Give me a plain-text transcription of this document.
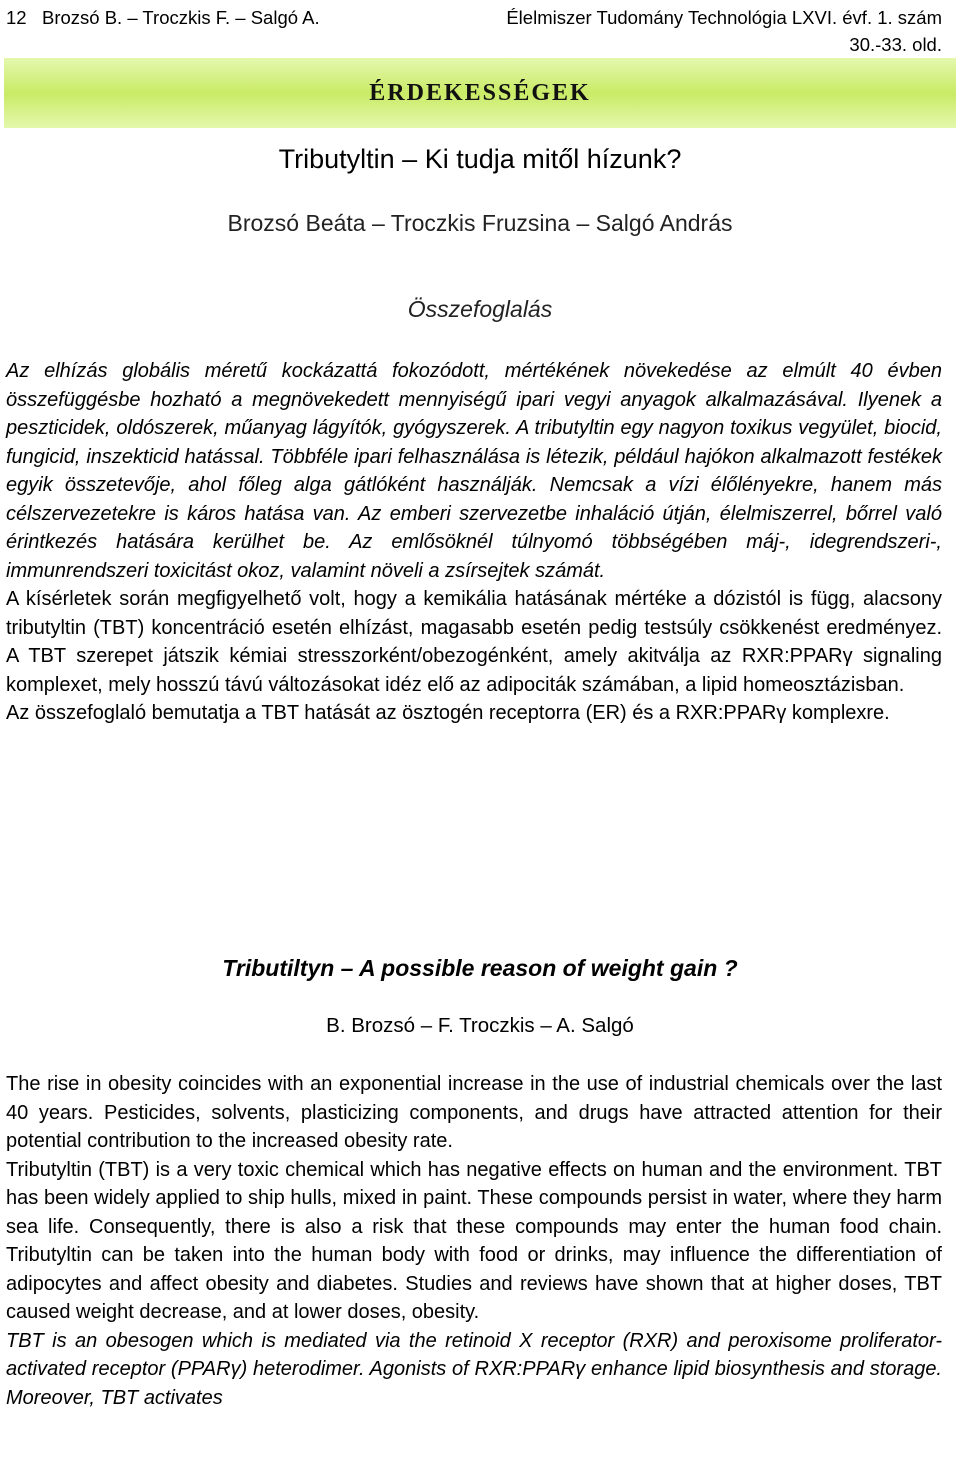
12   Brozsó B. – Troczkis F. – Salgó A.	Élelmiszer Tudomány Technológia LXVI. évf. 1. szám
30.-33. old.
ÉRDEKESSÉGEK
Tributyltin – Ki tudja mitől hízunk?
Brozsó Beáta – Troczkis Fruzsina – Salgó András
Összefoglalás

Az elhízás globális méretű kockázattá fokozódott, mértékének növekedése az elmúlt 40 évben összefüggésbe hozható a megnövekedett mennyiségű ipari vegyi anyagok alkalmazásával. Ilyenek a peszticidek, oldószerek, műanyag lágyítók, gyógyszerek. A tributyltin egy nagyon toxikus vegyület, biocid, fungicid, inszekticid hatással. Többféle ipari felhasználása is létezik, például hajókon alkalmazott festékek egyik összetevője, ahol főleg alga gátlóként használják. Nemcsak a vízi élőlényekre, hanem más célszervezetekre is káros hatása van. Az emberi szervezetbe inhaláció útján, élelmiszerrel, bőrrel való érintkezés hatására kerülhet be. Az emlősöknél túlnyomó többségében máj-, idegrendszeri-, immunrendszeri toxicitást okoz, valamint növeli a zsírsejtek számát.

A kísérletek során megfigyelhető volt, hogy a kemikália hatásának mértéke a dózistól is függ, alacsony tributyltin (TBT) koncentráció esetén elhízást, magasabb esetén pedig testsúly csökkenést eredményez. A TBT szerepet játszik kémiai stresszorként/obezogénként, amely akitválja az RXR:PPARγ signaling komplexet, mely hosszú távú változásokat idéz elő az adipociták számában, a lipid homeosztázisban.

Az összefoglaló bemutatja a TBT hatását az ösztogén receptorra (ER) és a RXR:PPARγ komplexre.

Tributiltyn – A possible reason of weight gain ?
B. Brozsó – F. Troczkis – A. Salgó

The rise in obesity coincides with an exponential increase in the use of industrial chemicals over the last 40 years. Pesticides, solvents, plasticizing components, and drugs have attracted attention for their potential contribution to the increased obesity rate.

Tributyltin (TBT) is a very toxic chemical which has negative effects on human and the environment. TBT has been widely applied to ship hulls, mixed in paint. These compounds persist in water, where they harm sea life. Consequently, there is also a risk that these compounds may enter the human food chain. Tributyltin can be taken into the human body with food or drinks, may influence the differentiation of adipocytes and affect obesity and diabetes. Studies and reviews have shown that at higher doses, TBT caused weight decrease, and at lower doses, obesity.

TBT is an obesogen which is mediated via the retinoid X receptor (RXR) and peroxisome proliferator-activated receptor (PPARγ) heterodimer. Agonists of RXR:PPARγ enhance lipid biosynthesis and storage. Moreover, TBT activates
